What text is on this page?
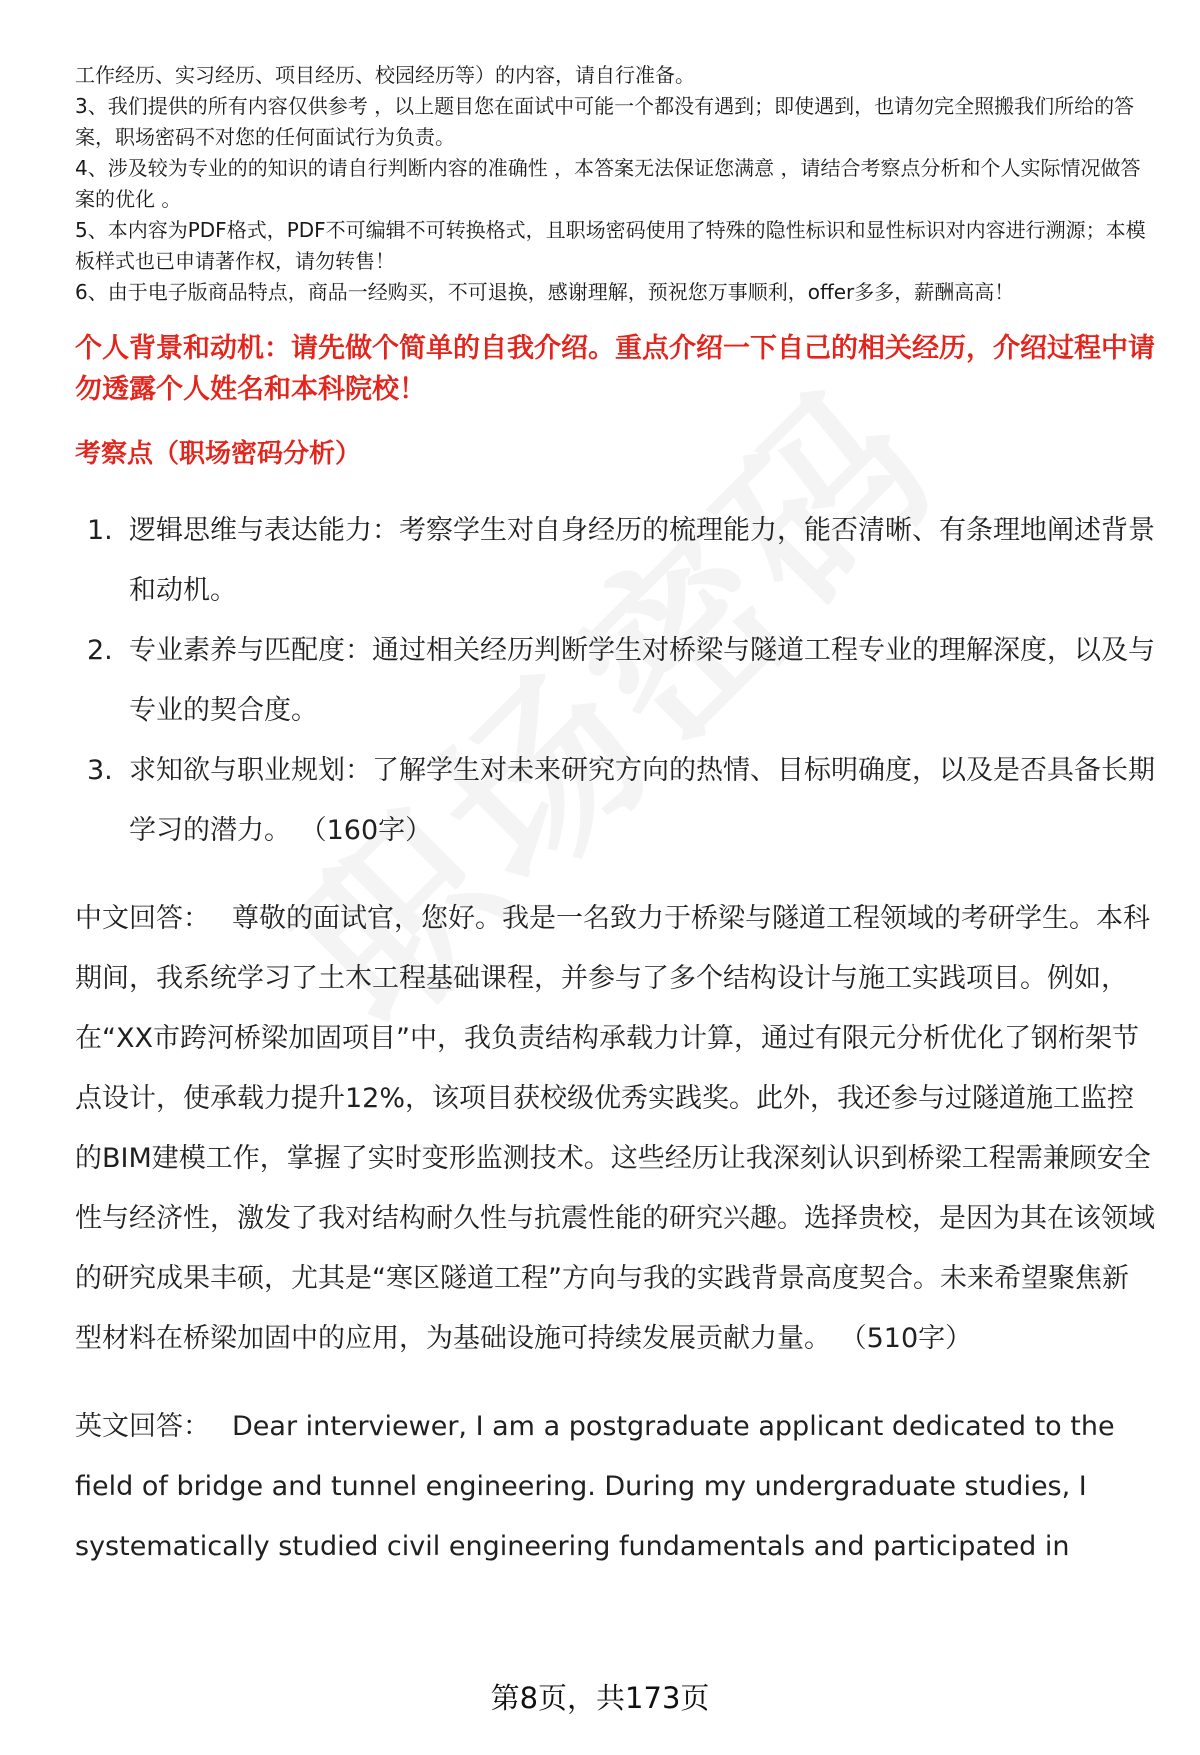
工作经历、实习经历、项目经历、校园经历等）的内容，请自行准备。

3、我们提供的所有内容仅供参考 ，以上题目您在面试中可能一个都没有遇到；即使遇到，也请勿完全照搬我们所给的答案，职场密码不对您的任何面试行为负责。

4、涉及较为专业的的知识的请自行判断内容的准确性 ，本答案无法保证您满意 ，请结合考察点分析和个人实际情况做答案的优化 。

5、本内容为PDF格式，PDF不可编辑不可转换格式，且职场密码使用了特殊的隐性标识和显性标识对内容进行溯源；本模板样式也已申请著作权，请勿转售！

6、由于电子版商品特点，商品一经购买，不可退换，感谢理解，预祝您万事顺利，offer多多，薪酬高高！

个人背景和动机：请先做个简单的自我介绍。重点介绍一下自己的相关经历，介绍过程中请勿透露个人姓名和本科院校！

考察点（职场密码分析）

1. 逻辑思维与表达能力：考察学生对自身经历的梳理能力，能否清晰、有条理地阐述背景和动机。
2. 专业素养与匹配度：通过相关经历判断学生对桥梁与隧道工程专业的理解深度，以及与专业的契合度。
3. 求知欲与职业规划：了解学生对未来研究方向的热情、目标明确度，以及是否具备长期学习的潜力。 （160字）

中文回答： 尊敬的面试官，您好。我是一名致力于桥梁与隧道工程领域的考研学生。本科期间，我系统学习了土木工程基础课程，并参与了多个结构设计与施工实践项目。例如，在“XX市跨河桥梁加固项目”中，我负责结构承载力计算，通过有限元分析优化了钢桁架节点设计，使承载力提升12%，该项目获校级优秀实践奖。此外，我还参与过隧道施工监控的BIM建模工作，掌握了实时变形监测技术。这些经历让我深刻认识到桥梁工程需兼顾安全性与经济性，激发了我对结构耐久性与抗震性能的研究兴趣。选择贵校，是因为其在该领域的研究成果丰硕，尤其是“寒区隧道工程”方向与我的实践背景高度契合。未来希望聚焦新型材料在桥梁加固中的应用，为基础设施可持续发展贡献力量。 （510字）

英文回答： Dear interviewer, I am a postgraduate applicant dedicated to the field of bridge and tunnel engineering. During my undergraduate studies, I systematically studied civil engineering fundamentals and participated in

第8页，共173页
